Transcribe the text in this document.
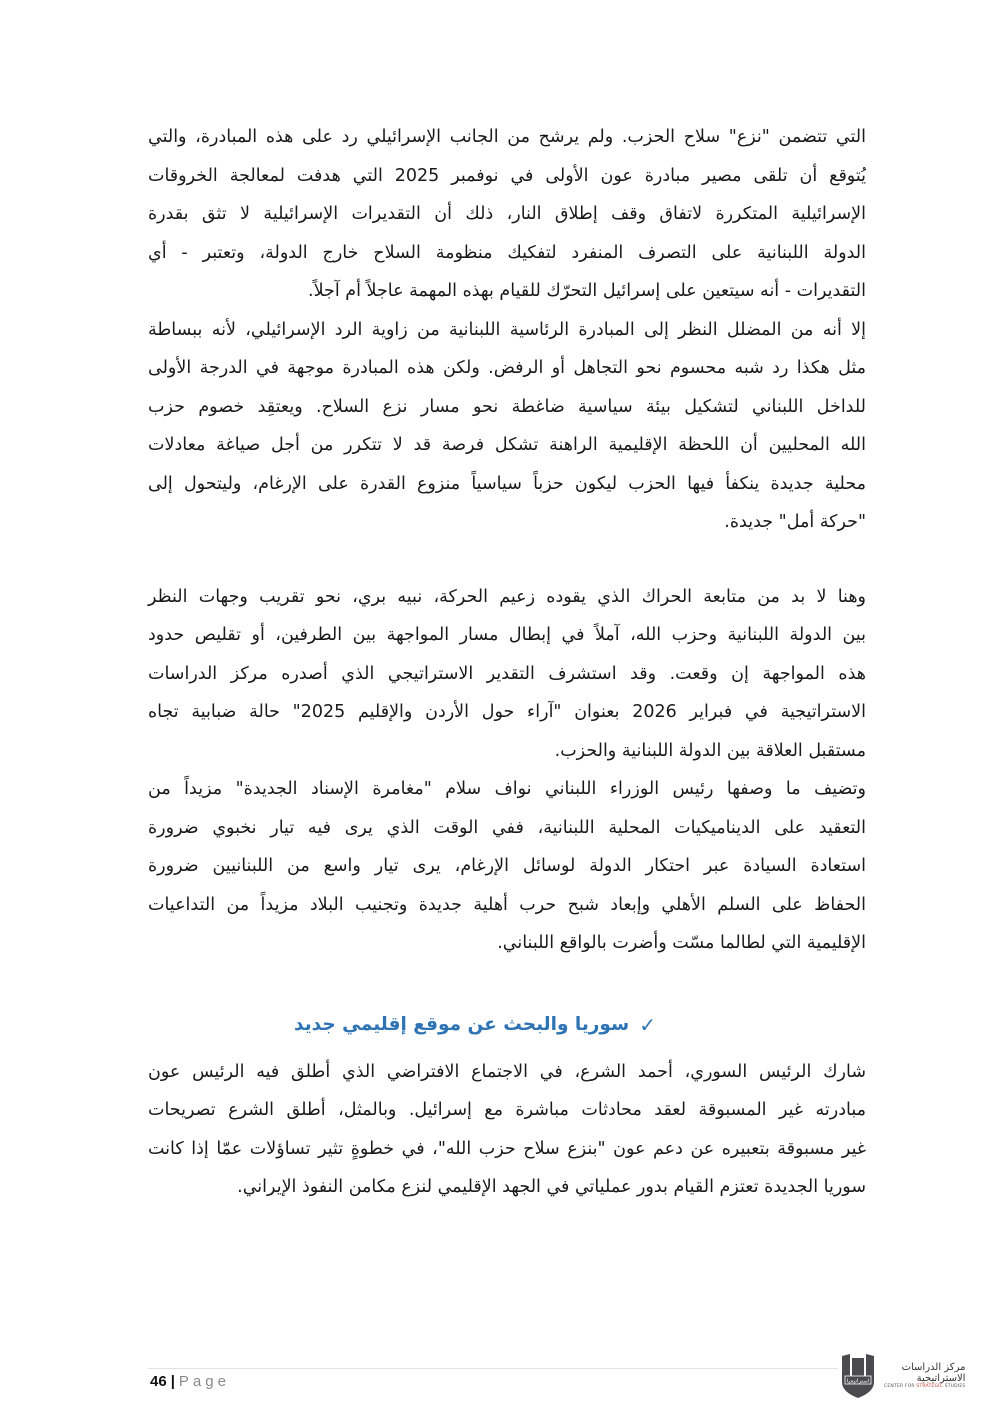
التي تتضمن "نزع" سلاح الحزب. ولم يرشح من الجانب الإسرائيلي رد على هذه المبادرة، والتي
يُتوقع أن تلقى مصير مبادرة عون الأولى في نوفمبر 2025 التي هدفت لمعالجة الخروقات
الإسرائيلية المتكررة لاتفاق وقف إطلاق النار، ذلك أن التقديرات الإسرائيلية لا تثق بقدرة
الدولة اللبنانية على التصرف المنفرد لتفكيك منظومة السلاح خارج الدولة، وتعتبر - أي
التقديرات - أنه سيتعين على إسرائيل التحرّك للقيام بهذه المهمة عاجلاً أم آجلاً.

إلا أنه من المضلل النظر إلى المبادرة الرئاسية اللبنانية من زاوية الرد الإسرائيلي، لأنه ببساطة
مثل هكذا رد شبه محسوم نحو التجاهل أو الرفض. ولكن هذه المبادرة موجهة في الدرجة الأولى
للداخل اللبناني لتشكيل بيئة سياسية ضاغطة نحو مسار نزع السلاح. ويعتقِد خصوم حزب
الله المحليين أن اللحظة الإقليمية الراهنة تشكل فرصة قد لا تتكرر من أجل صياغة معادلات
محلية جديدة ينكفأ فيها الحزب ليكون حزباً سياسياً منزوع القدرة على الإرغام، وليتحول إلى
"حركة أمل" جديدة.

وهنا لا بد من متابعة الحراك الذي يقوده زعيم الحركة، نبيه بري، نحو تقريب وجهات النظر
بين الدولة اللبنانية وحزب الله، آملاً في إبطال مسار المواجهة بين الطرفين، أو تقليص حدود
هذه المواجهة إن وقعت. وقد استشرف التقدير الاستراتيجي الذي أصدره مركز الدراسات
الاستراتيجية في فبراير 2026 بعنوان "آراء حول الأردن والإقليم 2025" حالة ضبابية تجاه
مستقبل العلاقة بين الدولة اللبنانية والحزب.

وتضيف ما وصفها رئيس الوزراء اللبناني نواف سلام "مغامرة الإسناد الجديدة" مزيداً من
التعقيد على الديناميكيات المحلية اللبنانية، ففي الوقت الذي يرى فيه تيار نخبوي ضرورة
استعادة السيادة عبر احتكار الدولة لوسائل الإرغام، يرى تيار واسع من اللبنانيين ضرورة
الحفاظ على السلم الأهلي وإبعاد شبح حرب أهلية جديدة وتجنيب البلاد مزيداً من التداعيات
الإقليمية التي لطالما مسّت وأضرت بالواقع اللبناني.

✓
سوريا والبحث عن موقع إقليمي جديد

شارك الرئيس السوري، أحمد الشرع، في الاجتماع الافتراضي الذي أطلق فيه الرئيس عون
مبادرته غير المسبوقة لعقد محادثات مباشرة مع إسرائيل. وبالمثل، أطلق الشرع تصريحات
غير مسبوقة بتعبيره عن دعم عون "بنزع سلاح حزب الله"، في خطوةٍ تثير تساؤلات عمّا إذا كانت
سوريا الجديدة تعتزم القيام بدور عملياتي في الجهد الإقليمي لنزع مكامن النفوذ الإيراني.

46 | Page	استراتيجيا
مركز الدراسات
الاستراتيجية
CENTER FOR STRATEGIC STUDIES
